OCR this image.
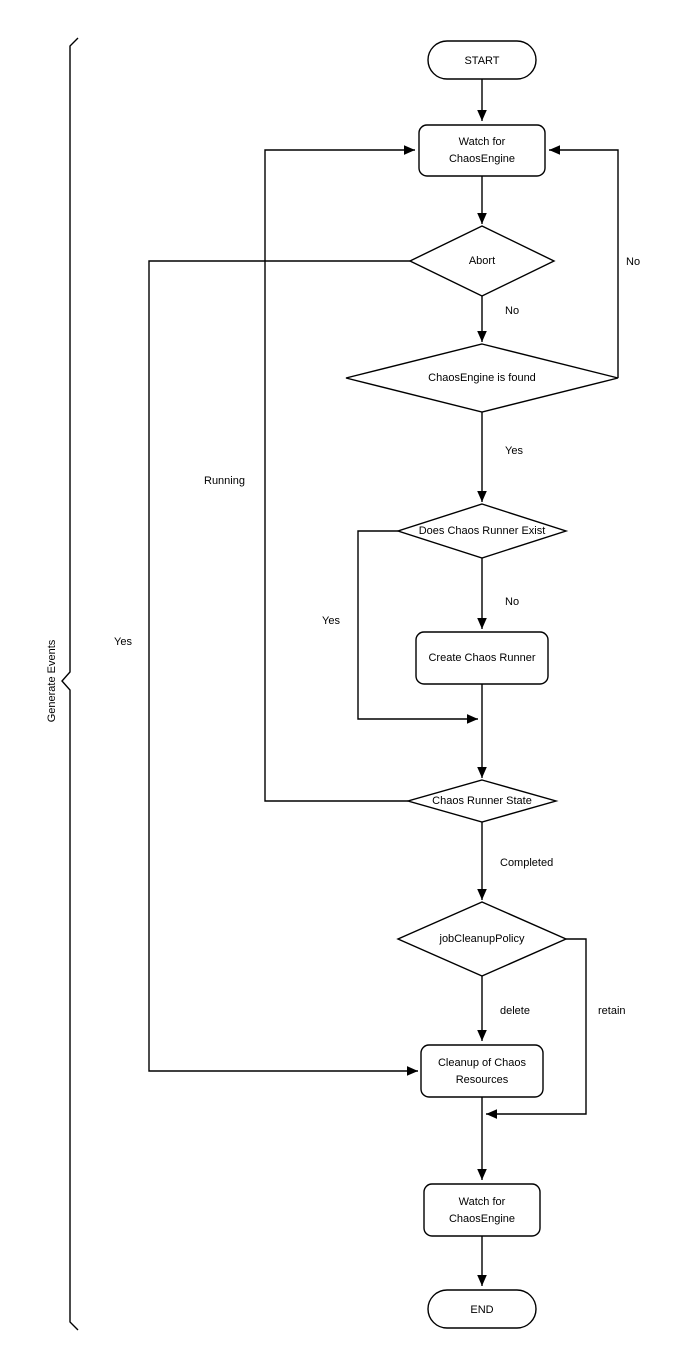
Generate Events
START
Watch for
ChaosEngine
Abort
No
Yes
ChaosEngine is found
No
Yes
Does Chaos Runner Exist
No
Yes
Create Chaos Runner
Chaos Runner State
Running
Completed
jobCleanupPolicy
delete	retain
Cleanup of Chaos
Resources
Watch for
ChaosEngine
END
